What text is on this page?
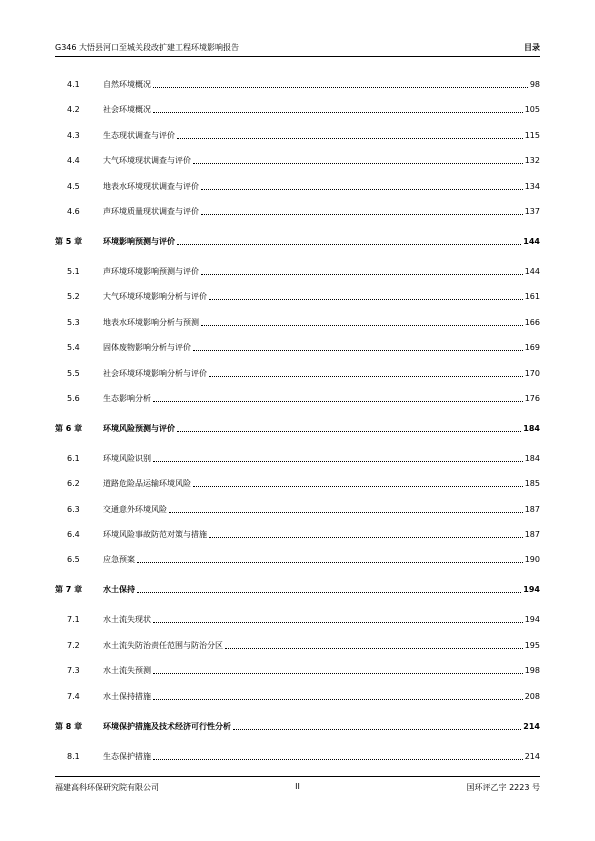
G346 大悟县河口至城关段改扩建工程环境影响报告	目录
4.1	自然环境概况	98
4.2	社会环境概况	105
4.3	生态现状调查与评价	115
4.4	大气环境现状调查与评价	132
4.5	地表水环境现状调查与评价	134
4.6	声环境质量现状调查与评价	137
第 5 章	环境影响预测与评价	144
5.1	声环境环境影响预测与评价	144
5.2	大气环境环境影响分析与评价	161
5.3	地表水环境影响分析与预测	166
5.4	固体废物影响分析与评价	169
5.5	社会环境环境影响分析与评价	170
5.6	生态影响分析	176
第 6 章	环境风险预测与评价	184
6.1	环境风险识别	184
6.2	道路危险品运输环境风险	185
6.3	交通意外环境风险	187
6.4	环境风险事故防范对策与措施	187
6.5	应急预案	190
第 7 章	水土保持	194
7.1	水土流失现状	194
7.2	水土流失防治责任范围与防治分区	195
7.3	水土流失预测	198
7.4	水土保持措施	208
第 8 章	环境保护措施及技术经济可行性分析	214
8.1	生态保护措施	214
福建高科环保研究院有限公司	II	国环评乙字 2223 号
